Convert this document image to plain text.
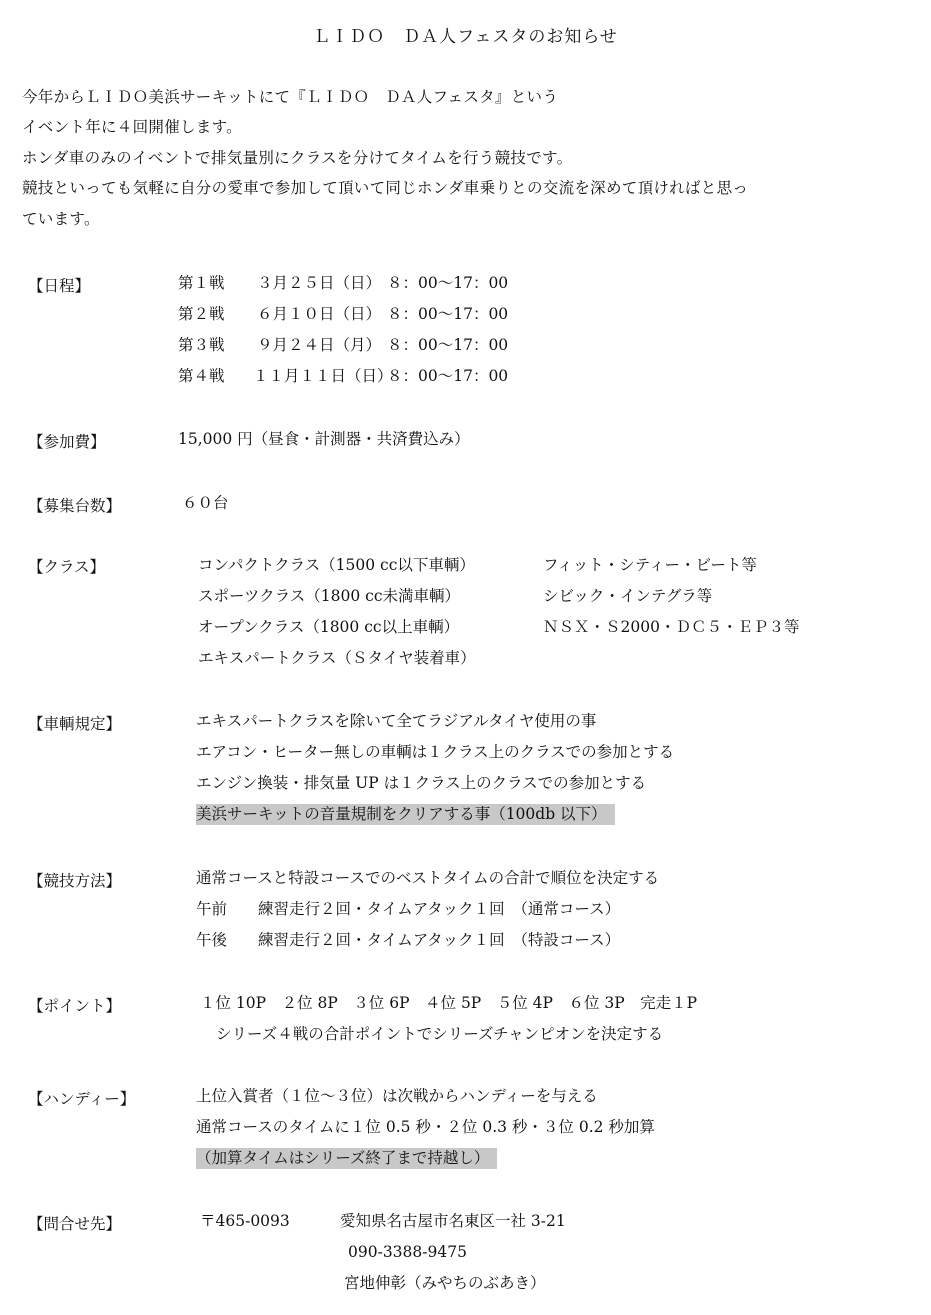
ＬＩＤＯ　ＤＡ人フェスタのお知らせ

今年からＬＩＤＯ美浜サーキットにて『ＬＩＤＯ　ＤＡ人フェスタ』という

イベント年に４回開催します。

ホンダ車のみのイベントで排気量別にクラスを分けてタイムを行う競技です。

競技といっても気軽に自分の愛車で参加して頂いて同じホンダ車乗りとの交流を深めて頂ければと思っ

ています。

【日程】	第１戦 ３月２５日（日） ８：00〜17：00
第２戦 ６月１０日（日） ８：00〜17：00
第３戦 ９月２４日（月） ８：00〜17：00
第４戦 １１月１１日（日）８：00〜17：00
【参加費】	15,000 円（昼食・計測器・共済費込み）
【募集台数】	６０台
【クラス】	コンパクトクラス（1500 cc以下車輌）	フィット・シティー・ビート等
スポーツクラス（1800 cc未満車輌）	シビック・インテグラ等
オープンクラス（1800 cc以上車輌）	ＮＳＸ・Ｓ2000・ＤＣ５・ＥＰ３等
エキスパートクラス（Ｓタイヤ装着車）
【車輌規定】	エキスパートクラスを除いて全てラジアルタイヤ使用の事
エアコン・ヒーター無しの車輌は１クラス上のクラスでの参加とする
エンジン換装・排気量 UP は１クラス上のクラスでの参加とする
美浜サーキットの音量規制をクリアする事（100db 以下）
【競技方法】	通常コースと特設コースでのベストタイムの合計で順位を決定する
午前　　練習走行２回・タイムアタック１回　（通常コース）
午後　　練習走行２回・タイムアタック１回　（特設コース）
【ポイント】	１位 10P　２位 8P　３位 6P　４位 5P　５位 4P　６位 3P　完走１P
シリーズ４戦の合計ポイントでシリーズチャンピオンを決定する
【ハンディー】	上位入賞者（１位〜３位）は次戦からハンディーを与える
通常コースのタイムに１位 0.5 秒・２位 0.3 秒・３位 0.2 秒加算
（加算タイムはシリーズ終了まで持越し）
【問合せ先】	〒465-0093	愛知県名古屋市名東区一社 3-21
090-3388-9475
宮地伸彰（みやちのぶあき）
